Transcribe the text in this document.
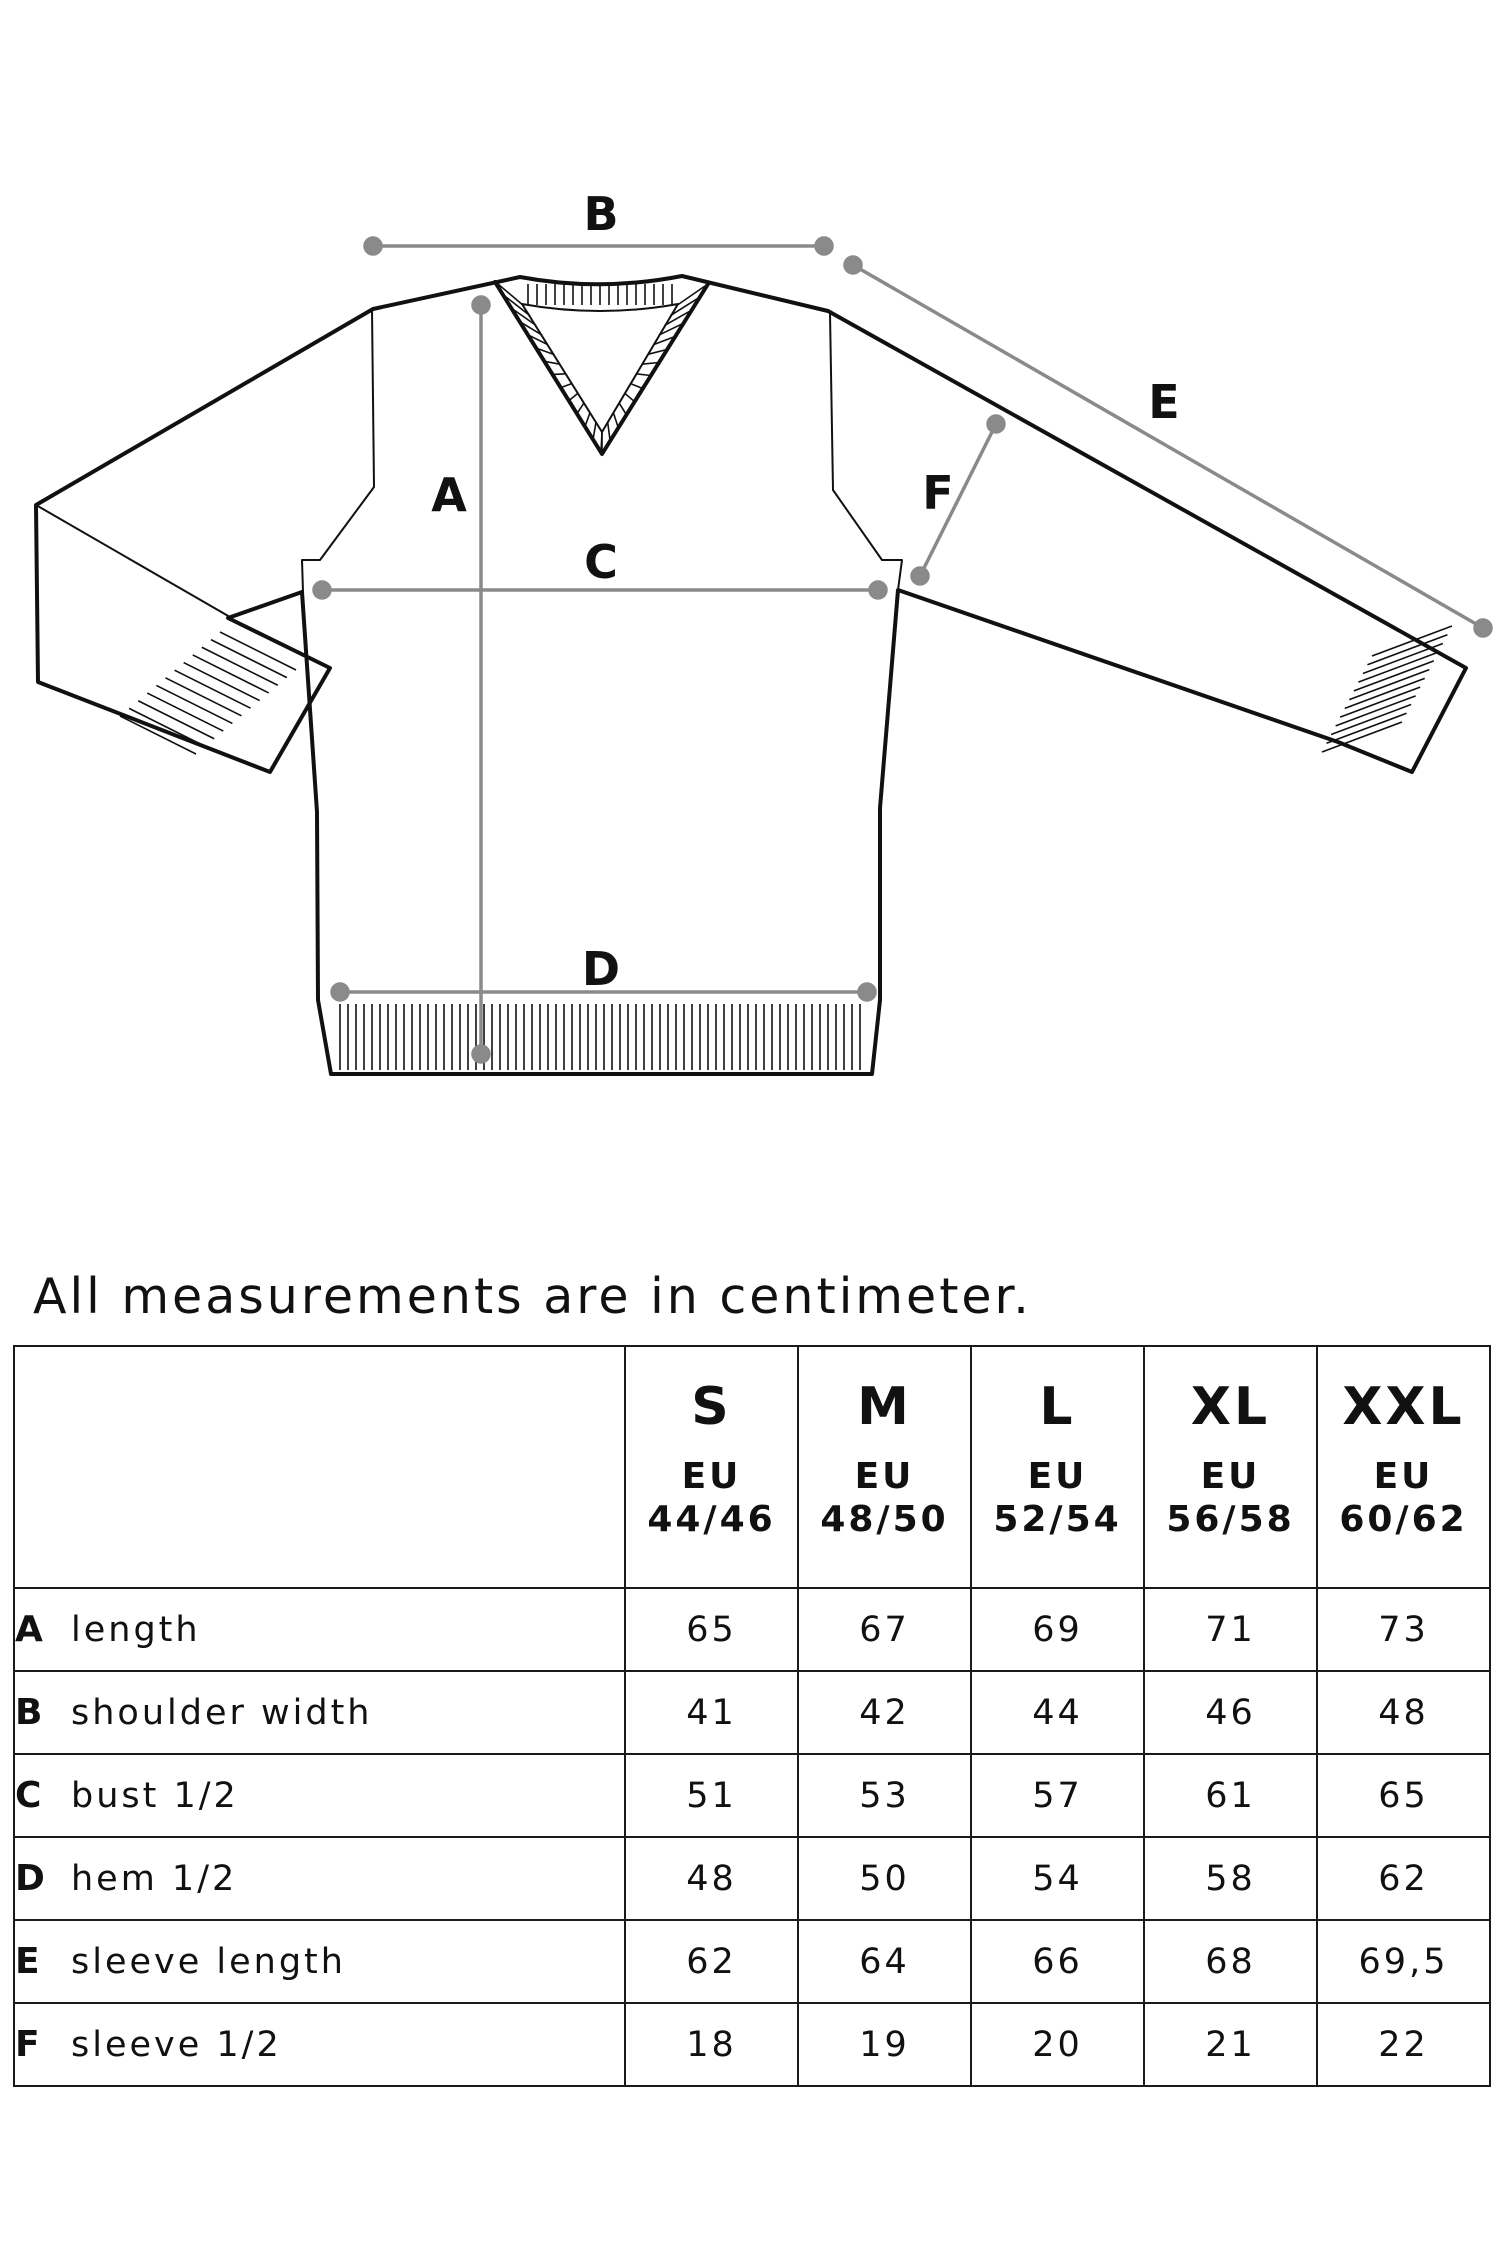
B
A
C
D
E
F
All measurements are in centimeter.

	S
EU
44/46	M
EU
48/50	L
EU
52/54	XL
EU
56/58	XXL
EU
60/62

A length	65	67	69	71	73
B shoulder width	41	42	44	46	48
C bust 1/2	51	53	57	61	65
D hem 1/2	48	50	54	58	62
E sleeve length	62	64	66	68	69,5
F sleeve 1/2	18	19	20	21	22
